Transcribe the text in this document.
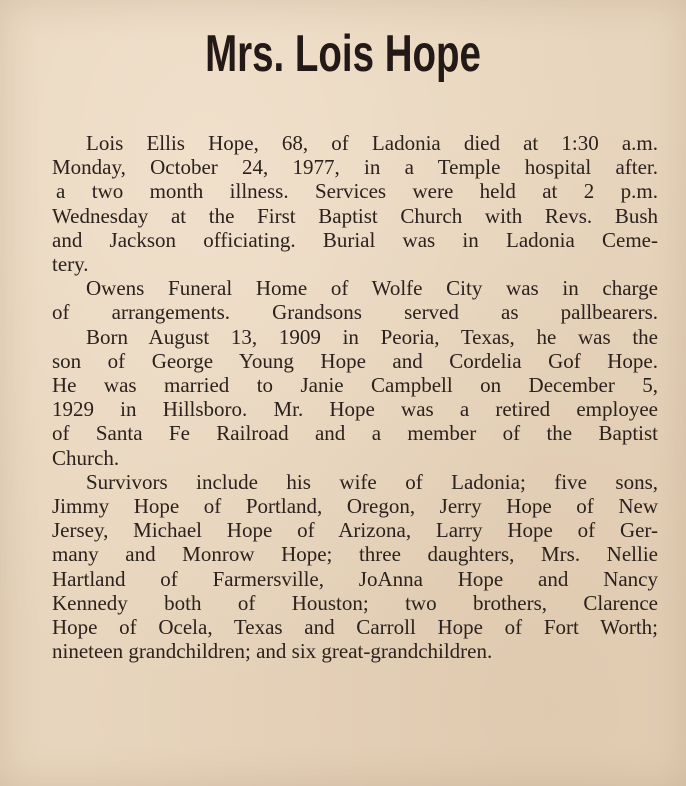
Mrs. Lois Hope

Lois Ellis Hope, 68, of Ladonia died at 1:30 a.m.
Monday, October 24, 1977, in a Temple hospital after.
a two month illness. Services were held at 2 p.m.
Wednesday at the First Baptist Church with Revs. Bush
and Jackson officiating. Burial was in Ladonia Ceme-
tery.

Owens Funeral Home of Wolfe City was in charge
of arrangements. Grandsons served as pallbearers.

Born August 13, 1909 in Peoria, Texas, he was the
son of George Young Hope and Cordelia Gof Hope.
He was married to Janie Campbell on December 5,
1929 in Hillsboro. Mr. Hope was a retired employee
of Santa Fe Railroad and a member of the Baptist
Church.

Survivors include his wife of Ladonia; five sons,
Jimmy Hope of Portland, Oregon, Jerry Hope of New
Jersey, Michael Hope of Arizona, Larry Hope of Ger-
many and Monrow Hope; three daughters, Mrs. Nellie
Hartland of Farmersville, JoAnna Hope and Nancy
Kennedy both of Houston; two brothers, Clarence
Hope of Ocela, Texas and Carroll Hope of Fort Worth;
nineteen grandchildren; and six great-grandchildren.
